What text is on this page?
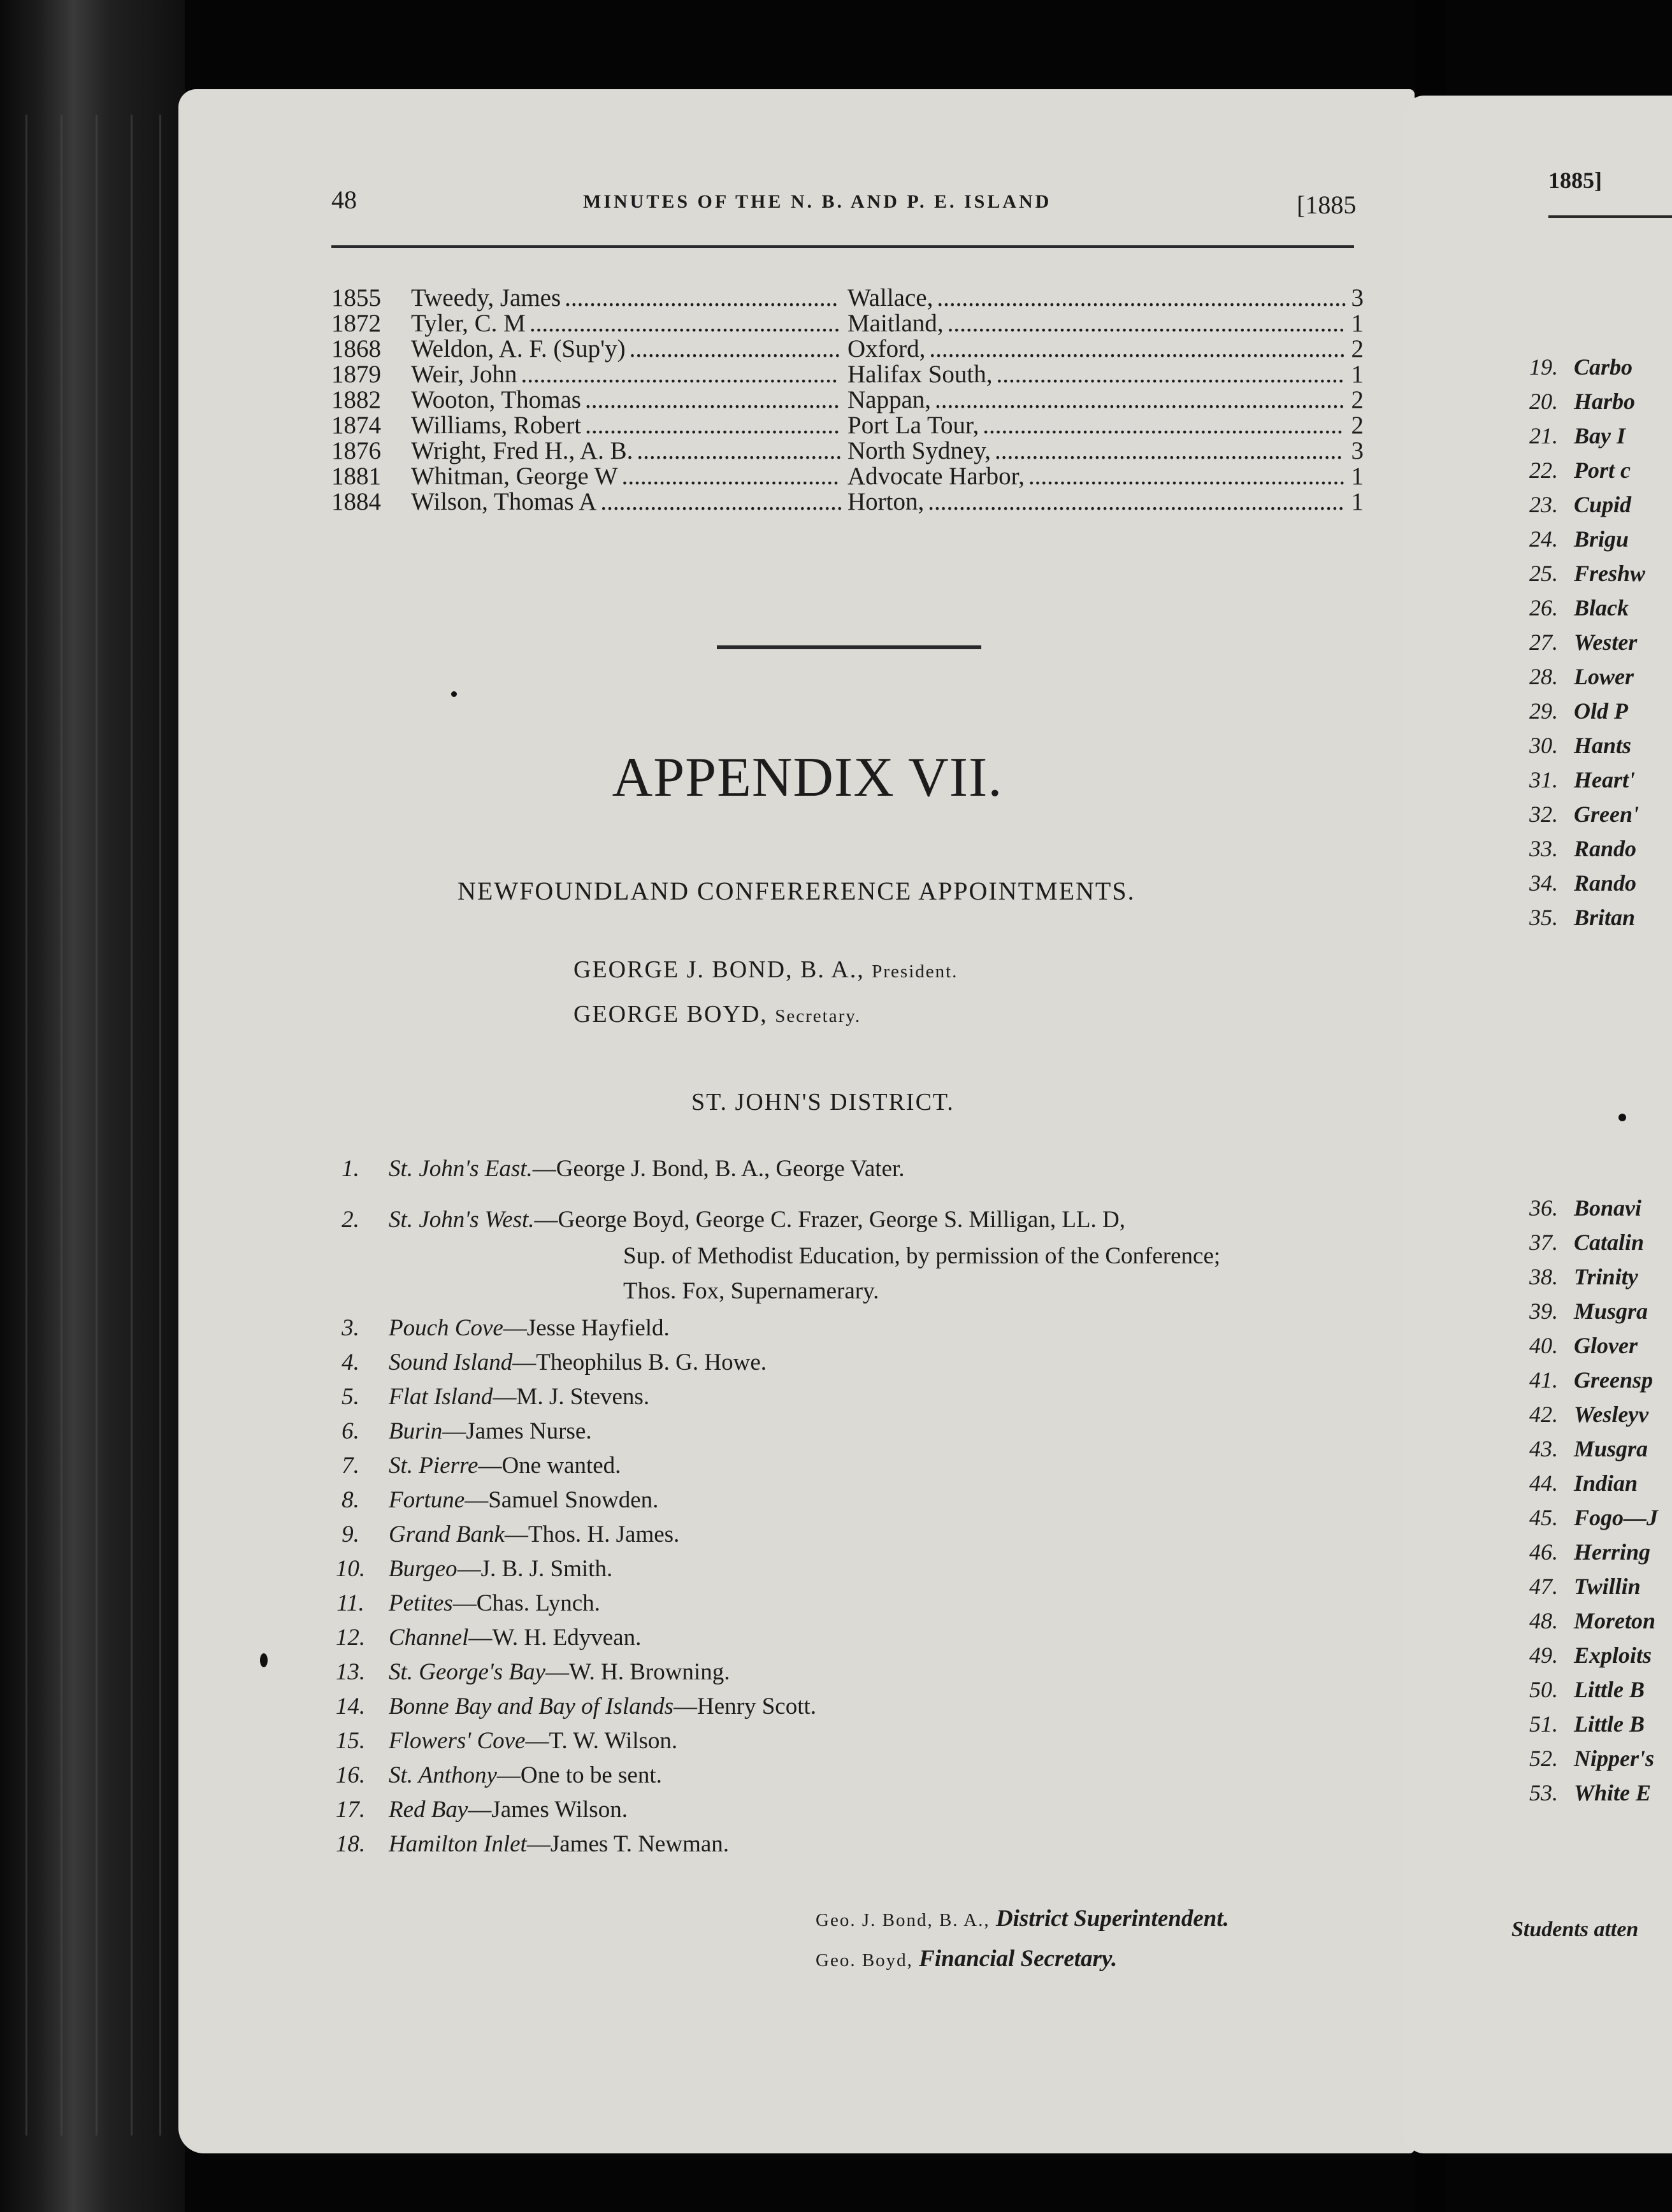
48	MINUTES OF THE N. B. AND P. E. ISLAND	[1885
1855 Tweedy, James	Wallace,	3
............................................	..................................................................
1872 Tyler, C. M	Maitland,	1
..................................................	................................................................
1868 Weldon, A. F. (Sup'y)	Oxford,	2
..................................	...................................................................
1879 Weir, John	Halifax South,	1
...................................................	........................................................
1882 Wooton, Thomas	Nappan,	2
.........................................	..................................................................
1874 Williams, Robert	Port La Tour,	2
.........................................	..........................................................
1876 Wright, Fred H., A. B.	North Sydney,	3
.................................	........................................................
1881 Whitman, George W	Advocate Harbor,	1
...................................	...................................................
1884 Wilson, Thomas A	Horton,	1
.......................................	...................................................................
APPENDIX VII.
NEWFOUNDLAND CONFERERENCE APPOINTMENTS.
GEORGE J. BOND, B. A., President.
GEORGE BOYD, Secretary.
ST. JOHN'S DISTRICT.
1.	St. John's East.—George J. Bond, B. A., George Vater.
2.	St. John's West.—George Boyd, George C. Frazer, George S. Milligan, LL. D,
3.	Pouch Cove—Jesse Hayfield.
4.	Sound Island—Theophilus B. G. Howe.
5.	Flat Island—M. J. Stevens.
6.	Burin—James Nurse.
7.	St. Pierre—One wanted.
8.	Fortune—Samuel Snowden.
9.	Grand Bank—Thos. H. James.
10. Burgeo—J. B. J. Smith.
11.	Petites—Chas. Lynch.
12. Channel—W. H. Edyvean.
13. St. George's Bay—W. H. Browning.
14. Bonne Bay and Bay of Islands—Henry Scott.
15. Flowers' Cove—T. W. Wilson.
16. St. Anthony—One to be sent.
17. Red Bay—James Wilson.
18. Hamilton Inlet—James T. Newman.
Sup. of Methodist Education, by permission of the Conference;
Thos. Fox, Supernamerary.
Geo. J. Bond, B. A., District Superintendent.
Geo. Boyd, Financial Secretary.
1885]
19. Carbo
20. Harbo
21. Bay I
22. Port c
23. Cupid
24. Brigu
25. Freshw
26. Black
27. Wester
28. Lower
29. Old P
30. Hants
31. Heart'
32. Green'
33. Rando
34. Rando
35. Britan
36. Bonavi
37. Catalin
38. Trinity
39. Musgra
40. Glover
41. Greensp
42. Wesleyv
43. Musgra
44. Indian
45. Fogo—J
46. Herring
47. Twillin
48. Moreton
49. Exploits
50. Little B
51. Little B
52. Nipper's
53. White E
Students atten
